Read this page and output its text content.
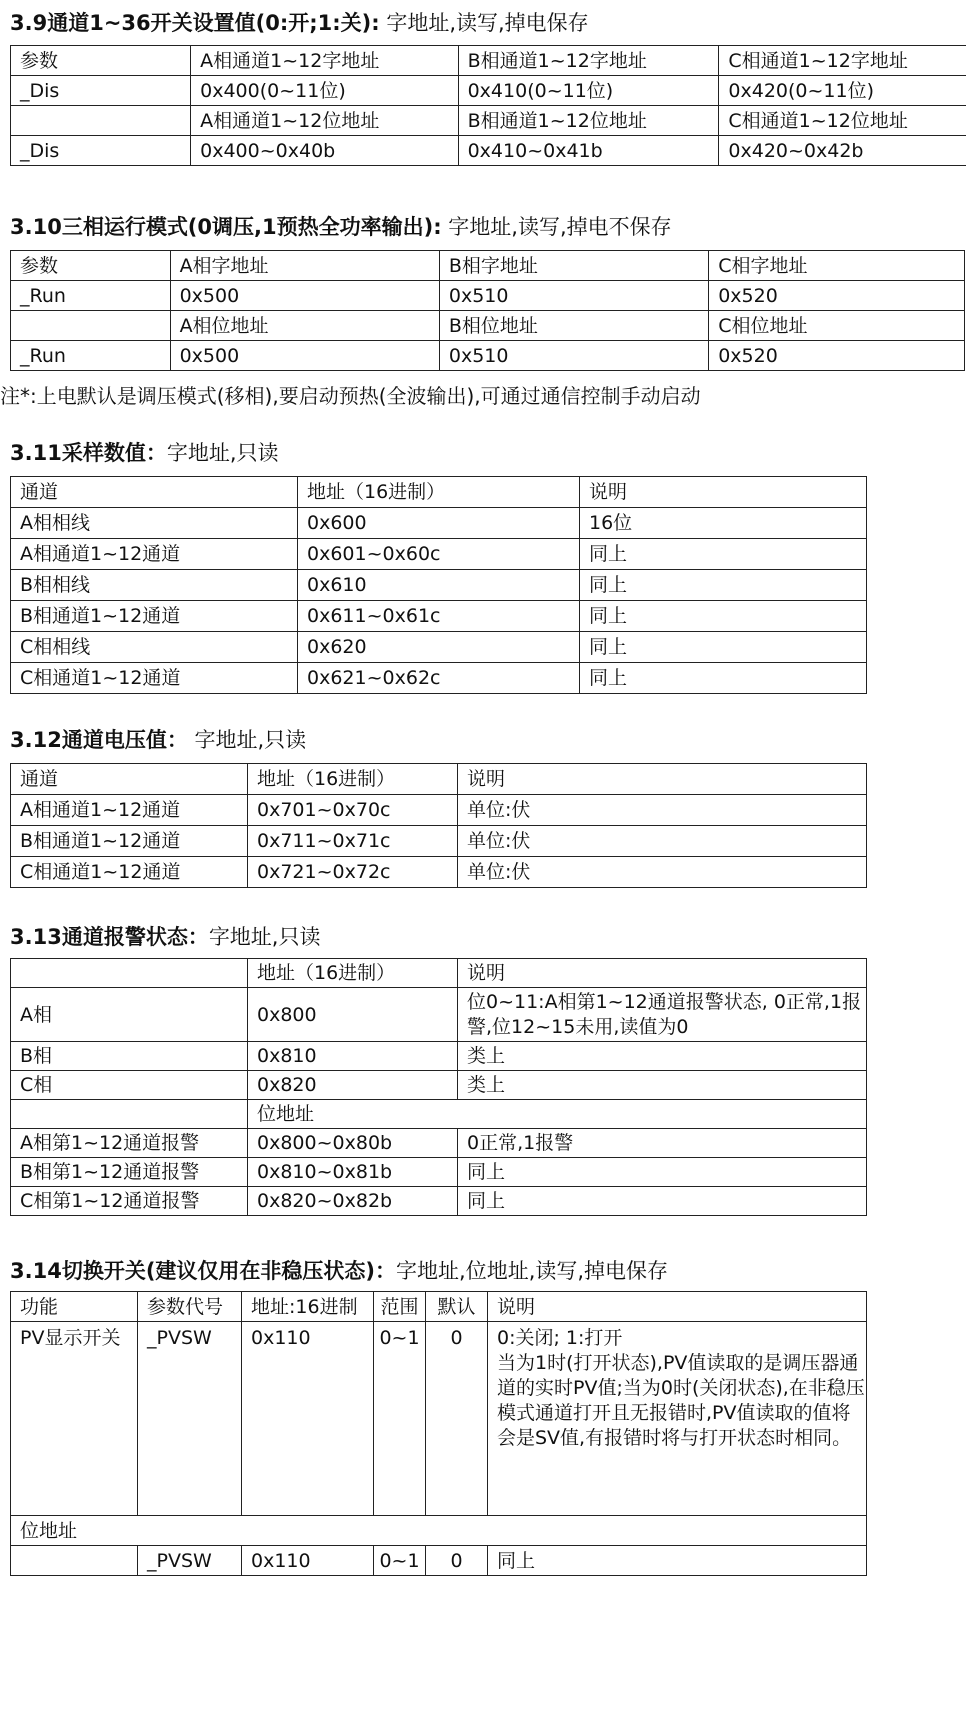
3.9通道1~36开关设置值(0:开;1:关): 字地址,读写,掉电保存
参数	A相通道1~12字地址	B相通道1~12字地址	C相通道1~12字地址
_Dis	0x400(0~11位)	0x410(0~11位)	0x420(0~11位)
	A相通道1~12位地址	B相通道1~12位地址	C相通道1~12位地址
_Dis	0x400~0x40b	0x410~0x41b	0x420~0x42b
3.10三相运行模式(0调压,1预热全功率输出): 字地址,读写,掉电不保存
参数	A相字地址	B相字地址	C相字地址
_Run	0x500	0x510	0x520
	A相位地址	B相位地址	C相位地址
_Run	0x500	0x510	0x520
注*:上电默认是调压模式(移相),要启动预热(全波输出),可通过通信控制手动启动
3.11采样数值：字地址,只读
通道	地址（16进制）	说明
A相相线	0x600	16位
A相通道1~12通道	0x601~0x60c	同上
B相相线	0x610	同上
B相通道1~12通道	0x611~0x61c	同上
C相相线	0x620	同上
C相通道1~12通道	0x621~0x62c	同上
3.12通道电压值： 字地址,只读
通道	地址（16进制）	说明
A相通道1~12通道	0x701~0x70c	单位:伏
B相通道1~12通道	0x711~0x71c	单位:伏
C相通道1~12通道	0x721~0x72c	单位:伏
3.13通道报警状态：字地址,只读
	地址（16进制）	说明
A相	0x800	位0~11:A相第1~12通道报警状态, 0正常,1报警,位12~15未用,读值为0
B相	0x810	类上
C相	0x820	类上
	位地址	
A相第1~12通道报警	0x800~0x80b	0正常,1报警
B相第1~12通道报警	0x810~0x81b	同上
C相第1~12通道报警	0x820~0x82b	同上
3.14切换开关(建议仅用在非稳压状态)：字地址,位地址,读写,掉电保存
功能	参数代号	地址:16进制	范围	默认	说明
PV显示开关	_PVSW	0x110	0~1	0	0:关闭; 1:打开
当为1时(打开状态),PV值读取的是调压器通道的实时PV值;当为0时(关闭状态),在非稳压模式通道打开且无报错时,PV值读取的值将会是SV值,有报错时将与打开状态时相同。

位地址					
	_PVSW	0x110	0~1	0	同上
